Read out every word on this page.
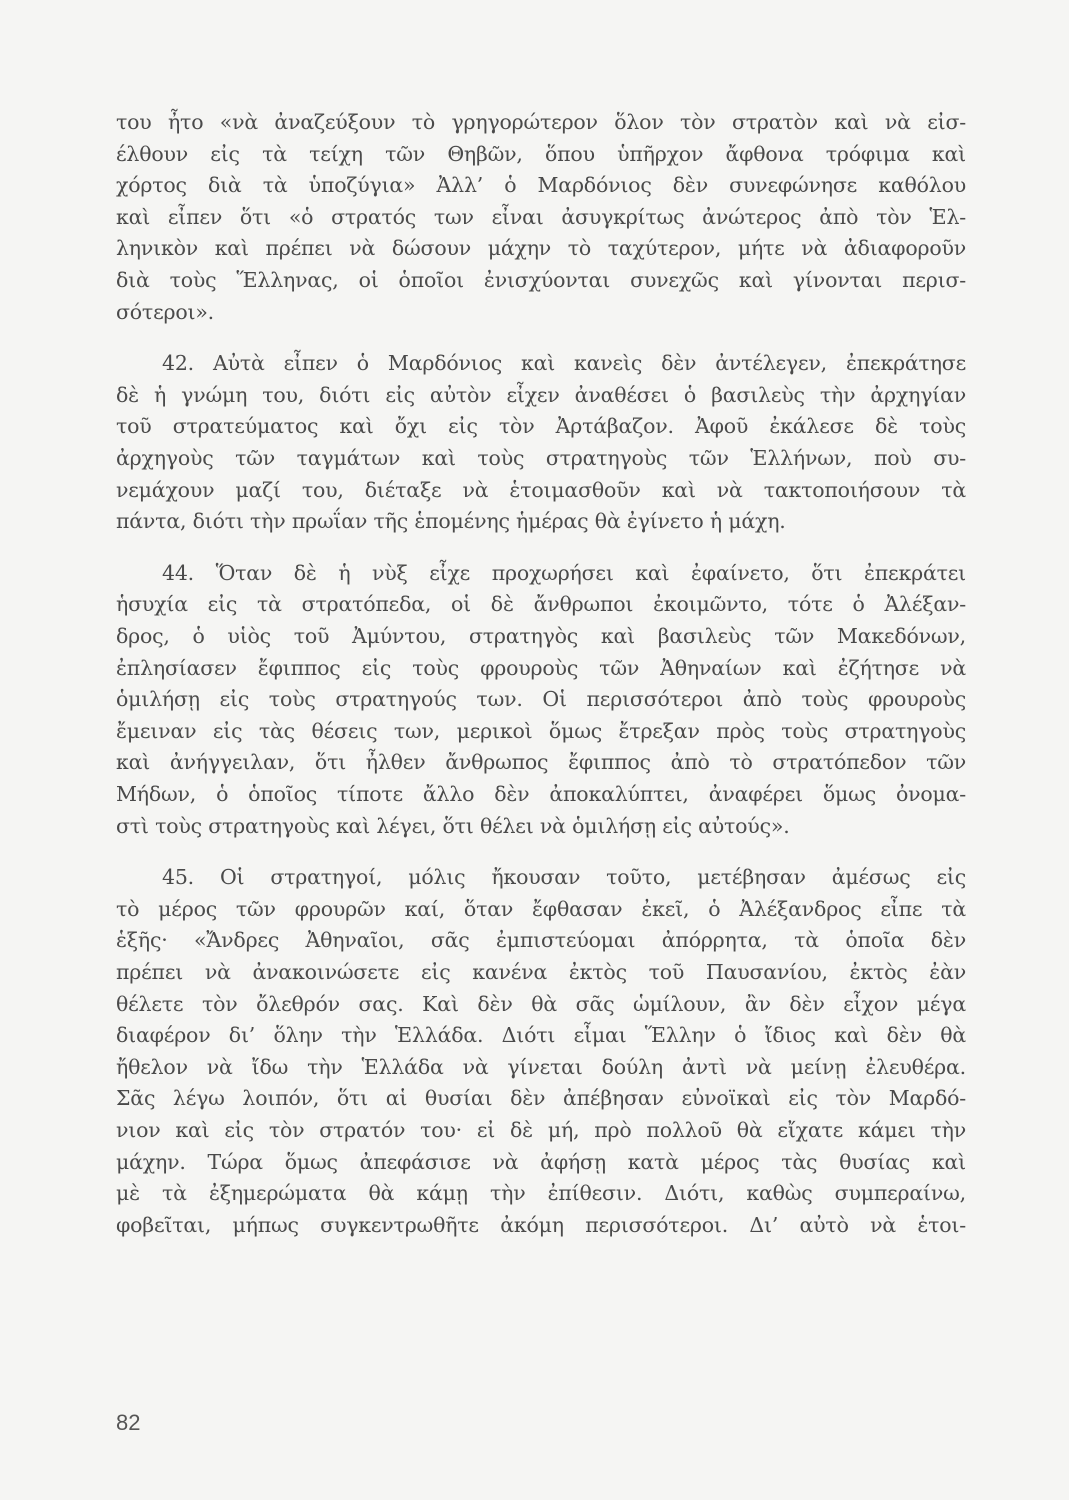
του ἦτο «νὰ ἀναζεύξουν τὸ γρηγορώτερον ὅλον τὸν στρατὸν καὶ νὰ εἰσ-
έλθουν εἰς τὰ τείχη τῶν Θηβῶν, ὅπου ὑπῆρχον ἄφθονα τρόφιμα καὶ
χόρτος διὰ τὰ ὑποζύγια» Ἀλλ’ ὁ Μαρδόνιος δὲν συνεφώνησε καθόλου
καὶ εἶπεν ὅτι «ὁ στρατός των εἶναι ἀσυγκρίτως ἀνώτερος ἀπὸ τὸν Ἑλ-
ληνικὸν καὶ πρέπει νὰ δώσουν μάχην τὸ ταχύτερον, μήτε νὰ ἀδιαφοροῦν
διὰ τοὺς Ἕλληνας, οἱ ὁποῖοι ἐνισχύονται συνεχῶς καὶ γίνονται περισ-
σότεροι».
42. Αὐτὰ εἶπεν ὁ Μαρδόνιος καὶ κανεὶς δὲν ἀντέλεγεν, ἐπεκράτησε
δὲ ἡ γνώμη του, διότι εἰς αὐτὸν εἶχεν ἀναθέσει ὁ βασιλεὺς τὴν ἀρχηγίαν
τοῦ στρατεύματος καὶ ὄχι εἰς τὸν Ἀρτάβαζον. Ἀφοῦ ἐκάλεσε δὲ τοὺς
ἀρχηγοὺς τῶν ταγμάτων καὶ τοὺς στρατηγοὺς τῶν Ἑλλήνων, ποὺ συ-
νεμάχουν μαζί του, διέταξε νὰ ἑτοιμασθοῦν καὶ νὰ τακτοποιήσουν τὰ
πάντα, διότι τὴν πρωΐαν τῆς ἑπομένης ἡμέρας θὰ ἐγίνετο ἡ μάχη.
44. Ὅταν δὲ ἡ νὺξ εἶχε προχωρήσει καὶ ἐφαίνετο, ὅτι ἐπεκράτει
ἡσυχία εἰς τὰ στρατόπεδα, οἱ δὲ ἄνθρωποι ἐκοιμῶντο, τότε ὁ Ἀλέξαν-
δρος, ὁ υἱὸς τοῦ Ἀμύντου, στρατηγὸς καὶ βασιλεὺς τῶν Μακεδόνων,
ἐπλησίασεν ἔφιππος εἰς τοὺς φρουροὺς τῶν Ἀθηναίων καὶ ἐζήτησε νὰ
ὁμιλήσῃ εἰς τοὺς στρατηγούς των. Οἱ περισσότεροι ἀπὸ τοὺς φρουροὺς
ἔμειναν εἰς τὰς θέσεις των, μερικοὶ ὅμως ἔτρεξαν πρὸς τοὺς στρατηγοὺς
καὶ ἀνήγγειλαν, ὅτι ἦλθεν ἄνθρωπος ἔφιππος ἀπὸ τὸ στρατόπεδον τῶν
Μήδων, ὁ ὁποῖος τίποτε ἄλλο δὲν ἀποκαλύπτει, ἀναφέρει ὅμως ὀνομα-
στὶ τοὺς στρατηγοὺς καὶ λέγει, ὅτι θέλει νὰ ὁμιλήσῃ εἰς αὐτούς».
45. Οἱ στρατηγοί, μόλις ἤκουσαν τοῦτο, μετέβησαν ἀμέσως εἰς
τὸ μέρος τῶν φρουρῶν καί, ὅταν ἔφθασαν ἐκεῖ, ὁ Ἀλέξανδρος εἶπε τὰ
ἑξῆς· «Ἄνδρες Ἀθηναῖοι, σᾶς ἐμπιστεύομαι ἀπόρρητα, τὰ ὁποῖα δὲν
πρέπει νὰ ἀνακοινώσετε εἰς κανένα ἐκτὸς τοῦ Παυσανίου, ἐκτὸς ἐὰν
θέλετε τὸν ὄλεθρόν σας. Καὶ δὲν θὰ σᾶς ὡμίλουν, ἂν δὲν εἶχον μέγα
διαφέρον δι’ ὅλην τὴν Ἑλλάδα. Διότι εἶμαι Ἕλλην ὁ ἴδιος καὶ δὲν θὰ
ἤθελον νὰ ἴδω τὴν Ἑλλάδα νὰ γίνεται δούλη ἀντὶ νὰ μείνῃ ἐλευθέρα.
Σᾶς λέγω λοιπόν, ὅτι αἱ θυσίαι δὲν ἀπέβησαν εὐνοϊκαὶ εἰς τὸν Μαρδό-
νιον καὶ εἰς τὸν στρατόν του· εἰ δὲ μή, πρὸ πολλοῦ θὰ εἴχατε κάμει τὴν
μάχην. Τώρα ὅμως ἀπεφάσισε νὰ ἀφήσῃ κατὰ μέρος τὰς θυσίας καὶ
μὲ τὰ ἐξημερώματα θὰ κάμῃ τὴν ἐπίθεσιν. Διότι, καθὼς συμπεραίνω,
φοβεῖται, μήπως συγκεντρωθῆτε ἀκόμη περισσότεροι. Δι’ αὐτὸ νὰ ἑτοι-
82
